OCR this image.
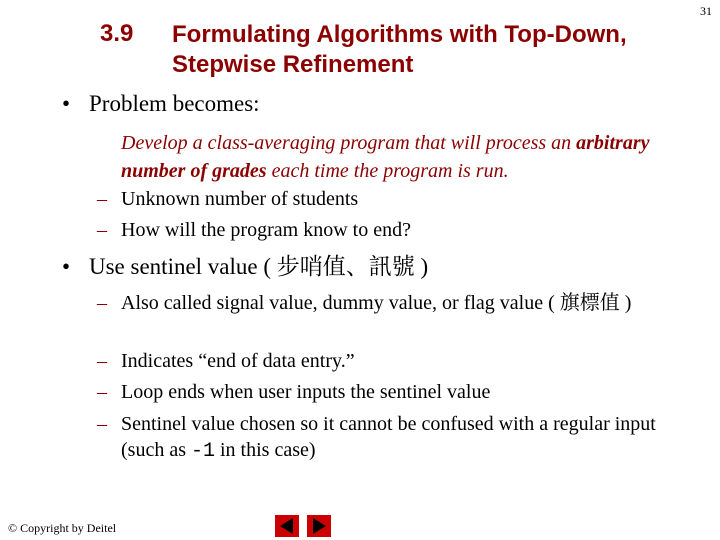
31
3.9 Formulating Algorithms with Top-Down, Stepwise Refinement
• Problem becomes:
Develop a class-averaging program that will process an arbitrary number of grades each time the program is run.
– Unknown number of students
– How will the program know to end?
• Use sentinel value ( 步哨值、訊號 )
– Also called signal value, dummy value, or flag value ( 旗標值 )
– Indicates “end of data entry.”
– Loop ends when user inputs the sentinel value
– Sentinel value chosen so it cannot be confused with a regular input (such as -1 in this case)
© Copyright by Deitel
